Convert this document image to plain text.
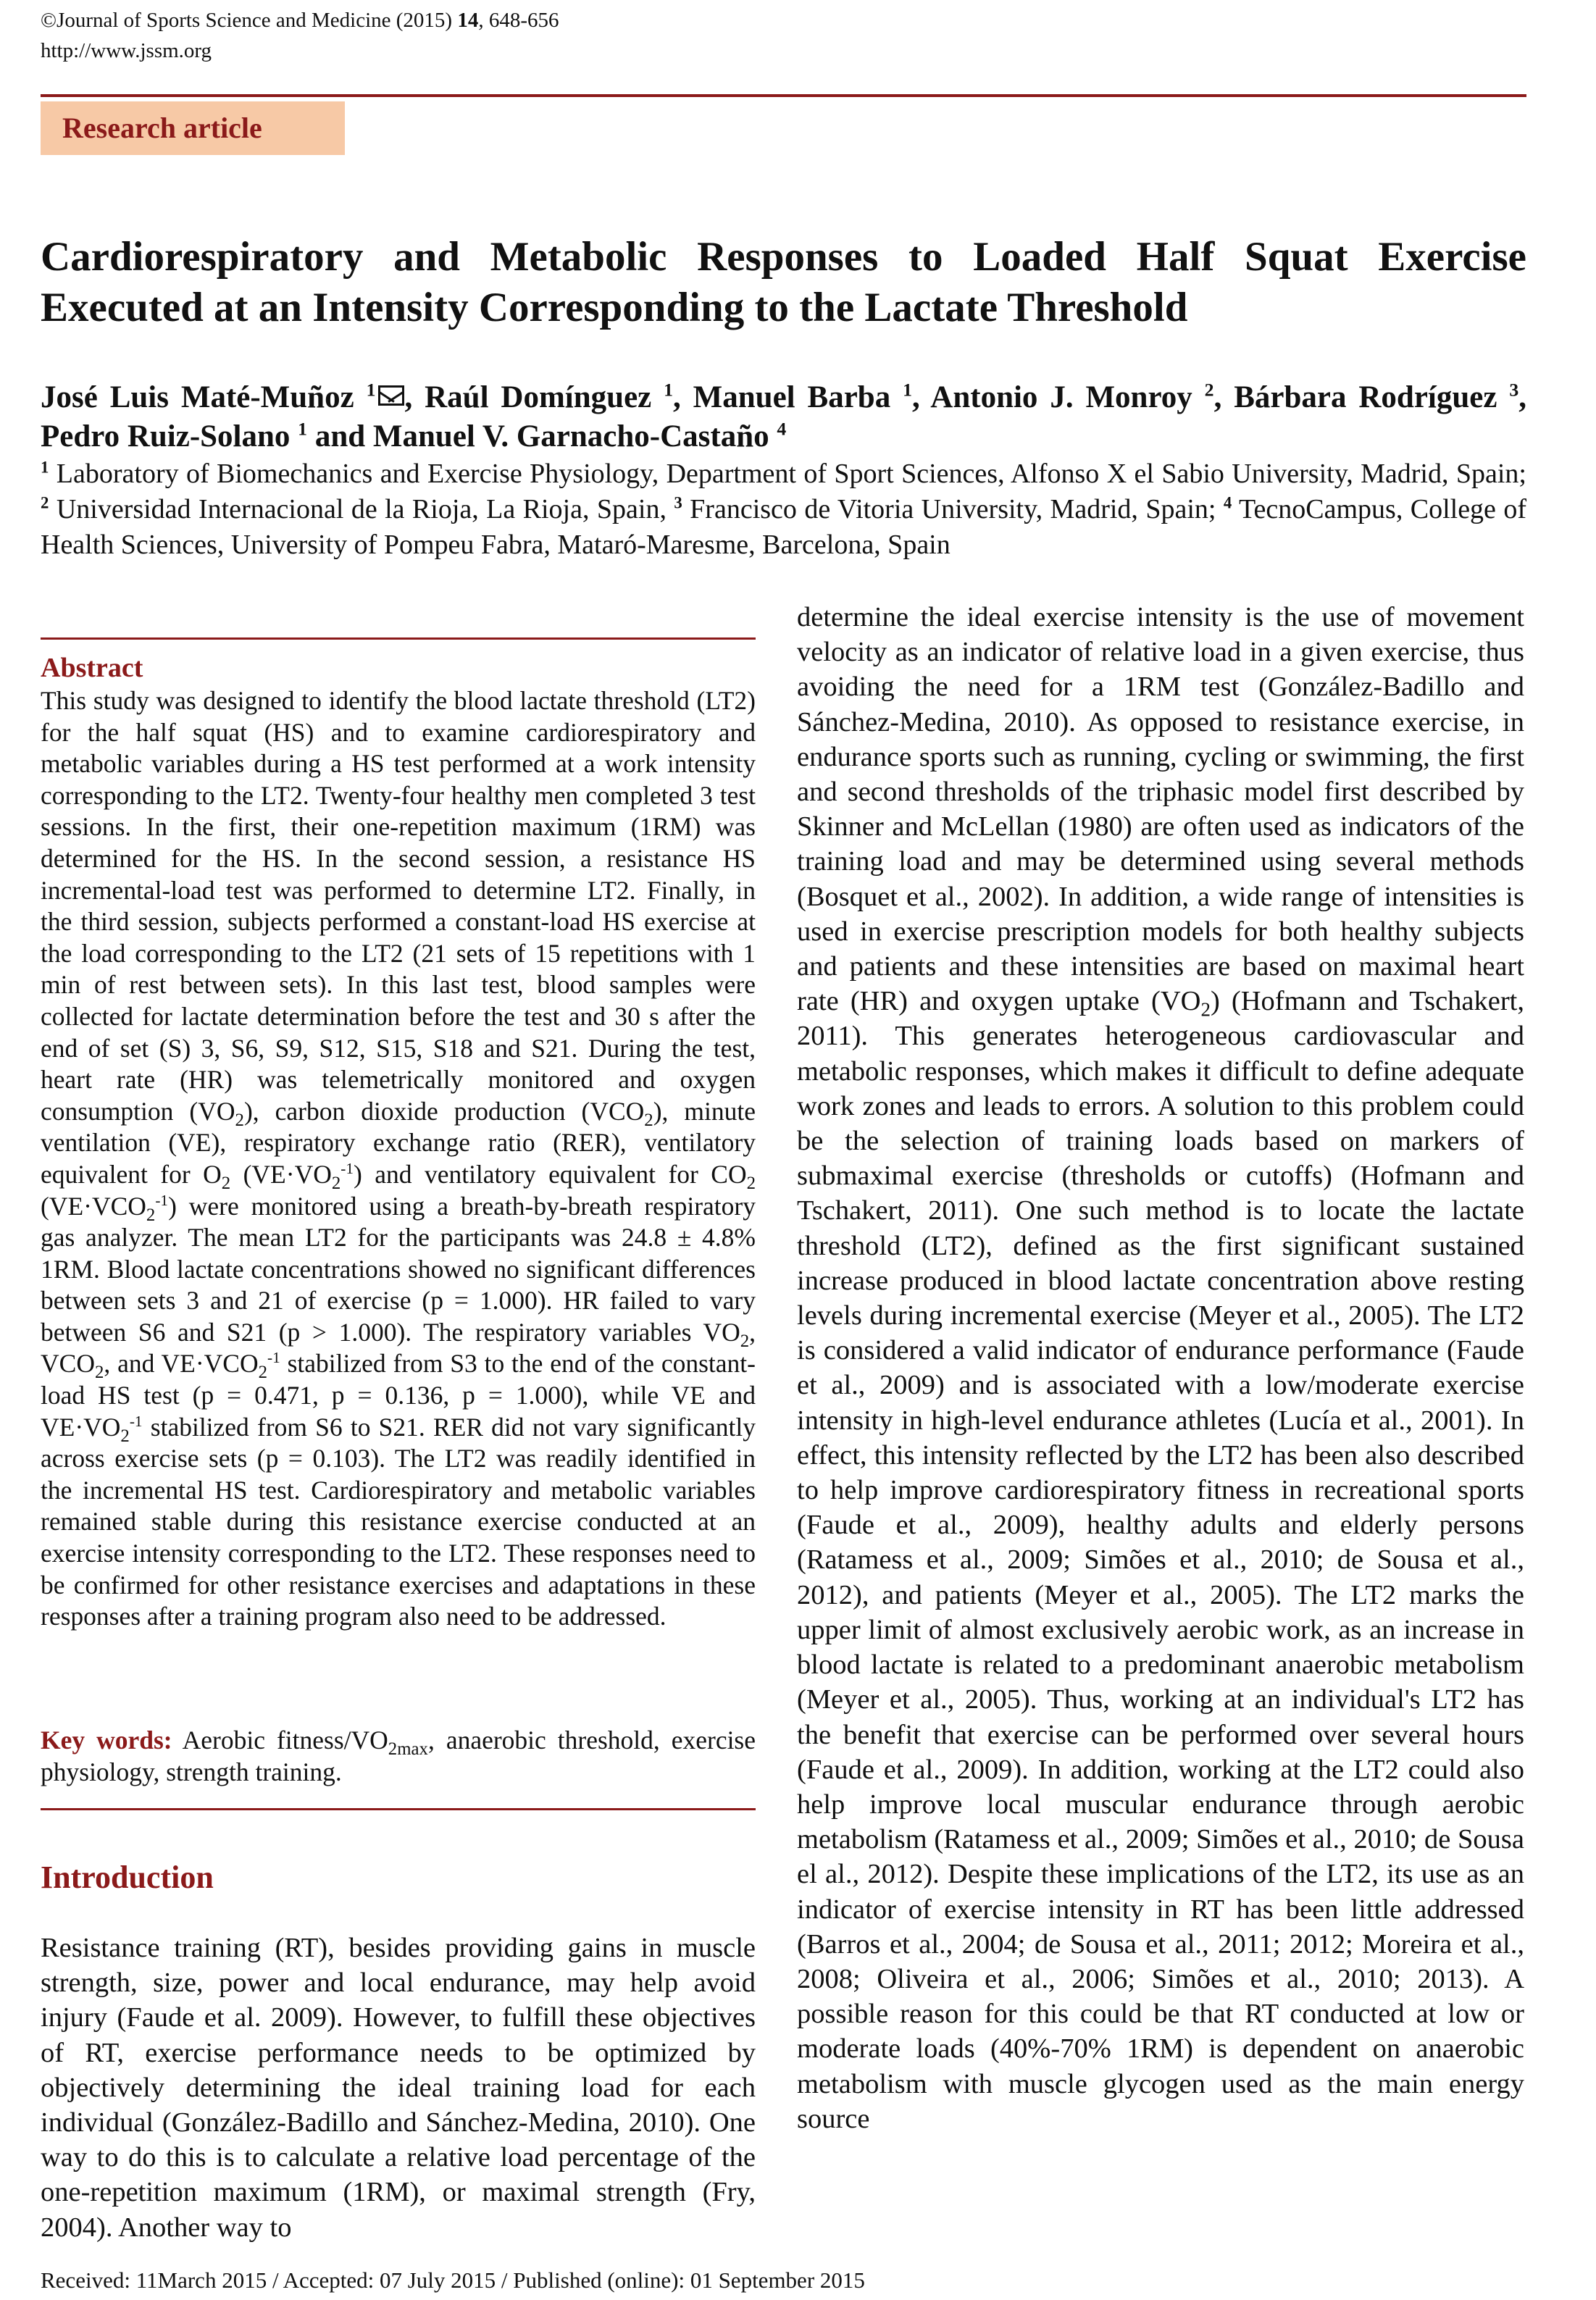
©Journal of Sports Science and Medicine (2015) 14, 648-656
http://www.jssm.org
Research article
Cardiorespiratory and Metabolic Responses to Loaded Half Squat Exercise
Executed at an Intensity Corresponding to the Lactate Threshold
José Luis Maté-Muñoz $^1$ , Raúl Domínguez $^1$, Manuel Barba $^1$, Antonio J. Monroy $^2$, Bárbara Rodríguez $^3$, Pedro Ruiz-Solano $^1$ and Manuel V. Garnacho-Castaño $^4$
$^1$ Laboratory of Biomechanics and Exercise Physiology, Department of Sport Sciences, Alfonso X el Sabio University, Madrid, Spain; $^2$ Universidad Internacional de la Rioja, La Rioja, Spain, $^3$ Francisco de Vitoria University, Madrid, Spain; $^4$ TecnoCampus, College of Health Sciences, University of Pompeu Fabra, Mataró-Maresme, Barcelona, Spain
Abstract
This study was designed to identify the blood lactate threshold (LT2) for the half squat (HS) and to examine cardiorespiratory and metabolic variables during a HS test performed at a work intensity corresponding to the LT2. Twenty-four healthy men completed 3 test sessions. In the first, their one-repetition maximum (1RM) was determined for the HS. In the second session, a resistance HS incremental-load test was performed to determine LT2. Finally, in the third session, subjects performed a constant-load HS exercise at the load corresponding to the LT2 (21 sets of 15 repetitions with 1 min of rest between sets). In this last test, blood samples were collected for lactate determination before the test and 30 s after the end of set (S) 3, S6, S9, S12, S15, S18 and S21. During the test, heart rate (HR) was telemetrically monitored and oxygen consumption $(VO_2)$, carbon dioxide production $(VCO_2)$, minute ventilation (VE), respiratory exchange ratio (RER), ventilatory equivalent for $O_2$ $(VE\cdot VO_2^{-1})$ and ventilatory equivalent for $CO_2$ $(VE\cdot VCO_2^{-1})$ were monitored using a breath-by-breath respiratory gas analyzer. The mean LT2 for the participants was 24.8 ± 4.8% 1RM. Blood lactate concentrations showed no significant differences between sets 3 and 21 of exercise (p = 1.000). HR failed to vary between S6 and S21 (p > 1.000). The respiratory variables $VO_2$, $VCO_2$, and $VE\cdot VCO_2^{-1}$ stabilized from S3 to the end of the constant-load HS test (p = 0.471, p = 0.136, p = 1.000), while VE and $VE\cdot VO_2^{-1}$ stabilized from S6 to S21. RER did not vary significantly across exercise sets (p = 0.103). The LT2 was readily identified in the incremental HS test. Cardiorespiratory and metabolic variables remained stable during this resistance exercise conducted at an exercise intensity corresponding to the LT2. These responses need to be confirmed for other resistance exercises and adaptations in these responses after a training program also need to be addressed.
Key words: Aerobic fitness/$VO_{2max}$, anaerobic threshold, exercise physiology, strength training.
Introduction
Resistance training (RT), besides providing gains in muscle strength, size, power and local endurance, may help avoid injury (Faude et al. 2009). However, to fulfill these objectives of RT, exercise performance needs to be optimized by objectively determining the ideal training load for each individual (González-Badillo and Sánchez-Medina, 2010). One way to do this is to calculate a relative load percentage of the one-repetition maximum (1RM), or maximal strength (Fry, 2004). Another way to
determine the ideal exercise intensity is the use of movement velocity as an indicator of relative load in a given exercise, thus avoiding the need for a 1RM test (González-Badillo and Sánchez-Medina, 2010). As opposed to resistance exercise, in endurance sports such as running, cycling or swimming, the first and second thresholds of the triphasic model first described by Skinner and McLellan (1980) are often used as indicators of the training load and may be determined using several methods (Bosquet et al., 2002). In addition, a wide range of intensities is used in exercise prescription models for both healthy subjects and patients and these intensities are based on maximal heart rate (HR) and oxygen uptake $(VO_2)$ (Hofmann and Tschakert, 2011). This generates heterogeneous cardiovascular and metabolic responses, which makes it difficult to define adequate work zones and leads to errors. A solution to this problem could be the selection of training loads based on markers of submaximal exercise (thresholds or cutoffs) (Hofmann and Tschakert, 2011). One such method is to locate the lactate threshold (LT2), defined as the first significant sustained increase produced in blood lactate concentration above resting levels during incremental exercise (Meyer et al., 2005). The LT2 is considered a valid indicator of endurance performance (Faude et al., 2009) and is associated with a low/moderate exercise intensity in high-level endurance athletes (Lucía et al., 2001). In effect, this intensity reflected by the LT2 has been also described to help improve cardiorespiratory fitness in recreational sports (Faude et al., 2009), healthy adults and elderly persons (Ratamess et al., 2009; Simões et al., 2010; de Sousa et al., 2012), and patients (Meyer et al., 2005). The LT2 marks the upper limit of almost exclusively aerobic work, as an increase in blood lactate is related to a predominant anaerobic metabolism (Meyer et al., 2005). Thus, working at an individual's LT2 has the benefit that exercise can be performed over several hours (Faude et al., 2009). In addition, working at the LT2 could also help improve local muscular endurance through aerobic metabolism (Ratamess et al., 2009; Simões et al., 2010; de Sousa el al., 2012). Despite these implications of the LT2, its use as an indicator of exercise intensity in RT has been little addressed (Barros et al., 2004; de Sousa et al., 2011; 2012; Moreira et al., 2008; Oliveira et al., 2006; Simões et al., 2010; 2013). A possible reason for this could be that RT conducted at low or moderate loads (40%-70% 1RM) is dependent on anaerobic metabolism with muscle glycogen used as the main energy source
Received: 11March 2015 / Accepted: 07 July 2015 / Published (online): 01 September 2015
